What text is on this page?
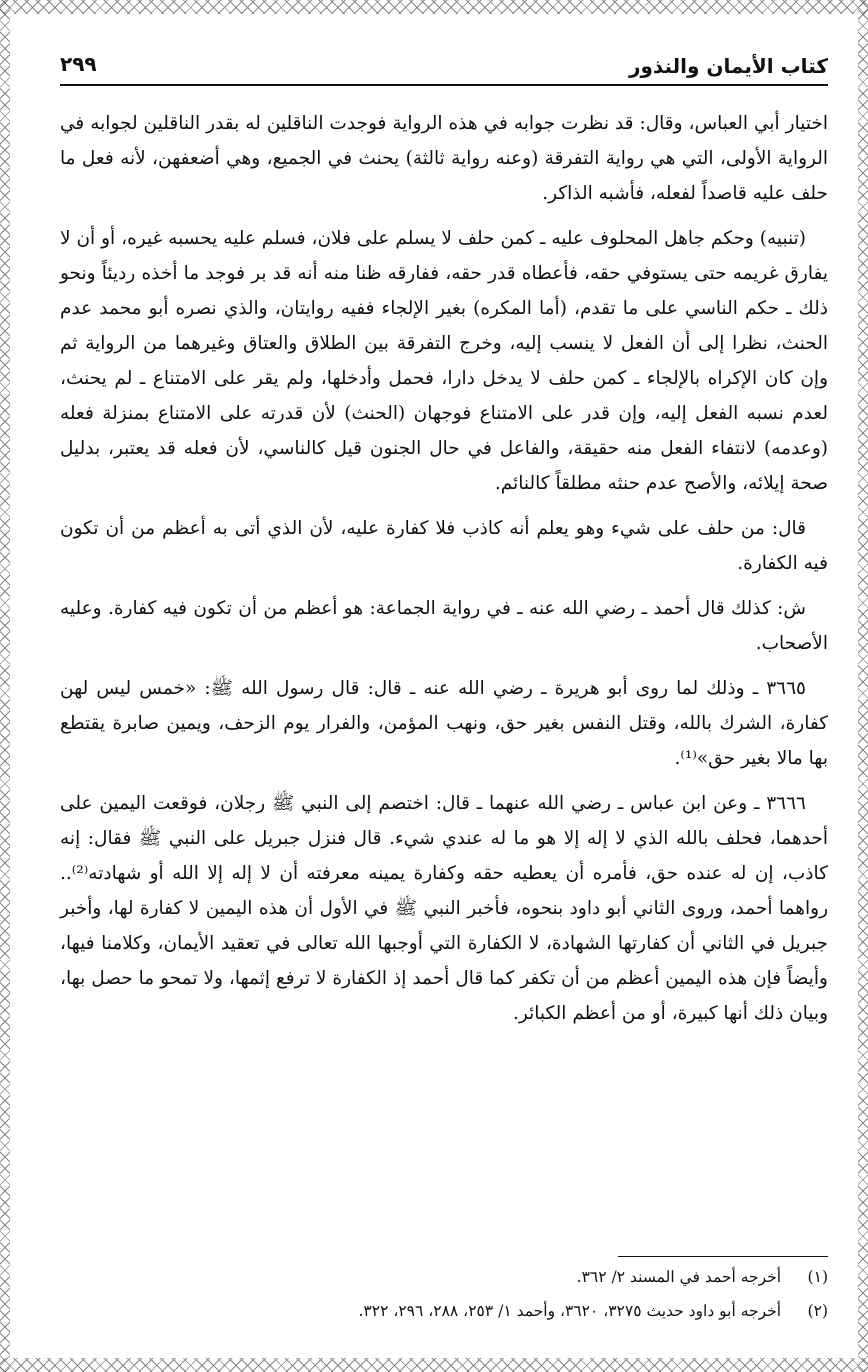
كتاب الأيمان والنذور
٢٩٩

اختيار أبي العباس، وقال: قد نظرت جوابه في هذه الرواية فوجدت الناقلين له بقدر الناقلين لجوابه في الرواية الأولى، التي هي رواية التفرقة (وعنه رواية ثالثة) يحنث في الجميع، وهي أضعفهن، لأنه فعل ما حلف عليه قاصداً لفعله، فأشبه الذاكر.

(تنبيه) وحكم جاهل المحلوف عليه ـ كمن حلف لا يسلم على فلان، فسلم عليه يحسبه غيره، أو أن لا يفارق غريمه حتى يستوفي حقه، فأعطاه قدر حقه، ففارقه ظنا منه أنه قد بر فوجد ما أخذه رديئاً ونحو ذلك ـ حكم الناسي على ما تقدم، (أما المكره) بغير الإلجاء ففيه روايتان، والذي نصره أبو محمد عدم الحنث، نظرا إلى أن الفعل لا ينسب إليه، وخرج التفرقة بين الطلاق والعتاق وغيرهما من الرواية ثم وإن كان الإكراه بالإلجاء ـ كمن حلف لا يدخل دارا، فحمل وأدخلها، ولم يقر على الامتناع ـ لم يحنث، لعدم نسبه الفعل إليه، وإن قدر على الامتناع فوجهان (الحنث) لأن قدرته على الامتناع بمنزلة فعله (وعدمه) لانتفاء الفعل منه حقيقة، والفاعل في حال الجنون قيل كالناسي، لأن فعله قد يعتبر، بدليل صحة إيلائه، والأصح عدم حنثه مطلقاً كالنائم.

قال: من حلف على شيء وهو يعلم أنه كاذب فلا كفارة عليه، لأن الذي أتى به أعظم من أن تكون فيه الكفارة.

ش: كذلك قال أحمد ـ رضي الله عنه ـ في رواية الجماعة: هو أعظم من أن تكون فيه كفارة. وعليه الأصحاب.

٣٦٦٥ ـ وذلك لما روى أبو هريرة ـ رضي الله عنه ـ قال: قال رسول الله ﷺ: «خمس ليس لهن كفارة، الشرك بالله، وقتل النفس بغير حق، ونهب المؤمن، والفرار يوم الزحف، ويمين صابرة يقتطع بها مالا بغير حق»⁽¹⁾.

٣٦٦٦ ـ وعن ابن عباس ـ رضي الله عنهما ـ قال: اختصم إلى النبي ﷺ رجلان، فوقعت اليمين على أحدهما، فحلف بالله الذي لا إله إلا هو ما له عندي شيء. قال فنزل جبريل على النبي ﷺ فقال: إنه كاذب، إن له عنده حق، فأمره أن يعطيه حقه وكفارة يمينه معرفته أن لا إله إلا الله أو شهادته⁽²⁾.. رواهما أحمد، وروى الثاني أبو داود بنحوه، فأخبر النبي ﷺ في الأول أن هذه اليمين لا كفارة لها، وأخبر جبريل في الثاني أن كفارتها الشهادة، لا الكفارة التي أوجبها الله تعالى في تعقيد الأيمان، وكلامنا فيها، وأيضاً فإن هذه اليمين أعظم من أن تكفر كما قال أحمد إذ الكفارة لا ترفع إثمها، ولا تمحو ما حصل بها، وبيان ذلك أنها كبيرة، أو من أعظم الكبائر.

(١) أخرجه أحمد في المسند ٢/ ٣٦٢.
(٢) أخرجه أبو داود حديث ٣٢٧٥، ٣٦٢٠، وأحمد ١/ ٢٥٣، ٢٨٨، ٢٩٦، ٣٢٢.
